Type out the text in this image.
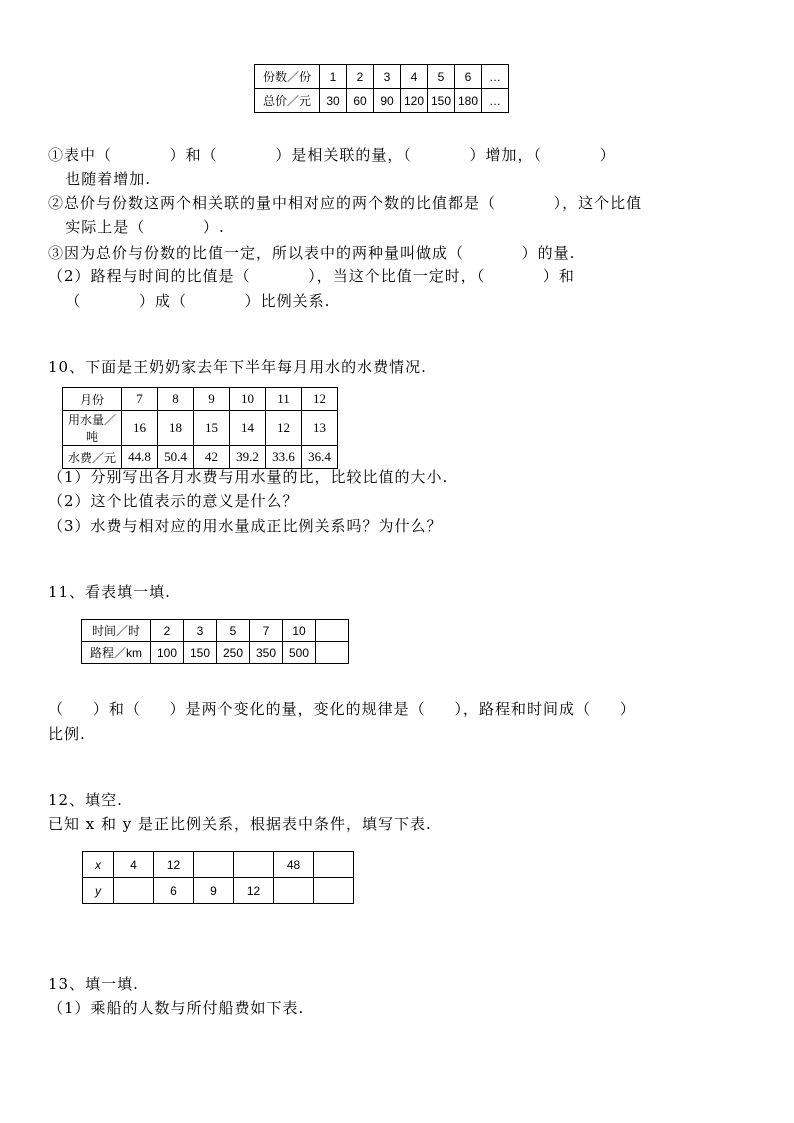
份数／份	1	2	3	4	5	6	…
总价／元	30	60	90	120	150	180	…
①表中（          ）和（          ）是相关联的量，（          ）增加，（          ）
也随着增加.
②总价与份数这两个相关联的量中相对应的两个数的比值都是（          ），这个比值
实际上是（          ）.
③因为总价与份数的比值一定，所以表中的两种量叫做成（          ）的量.
（2）路程与时间的比值是（          ），当这个比值一定时，（          ）和
（          ）成（          ）比例关系.
10、下面是王奶奶家去年下半年每月用水的水费情况.
月份	7	8	9	10	11	12
用水量／吨	16	18	15	14	12	13
水费／元	44.8	50.4	42	39.2	33.6	36.4
（1）分别写出各月水费与用水量的比，比较比值的大小.
（2）这个比值表示的意义是什么？
（3）水费与相对应的用水量成正比例关系吗？为什么？
11、看表填一填.
时间／时	2	3	5	7	10	
路程／km	100	150	250	350	500	
（     ）和（     ）是两个变化的量，变化的规律是（     ），路程和时间成（     ）
比例.
12、填空.
已知 x 和 y 是正比例关系，根据表中条件，填写下表.
x	4	12			48	
y		6	9	12		
13、填一填.
（1）乘船的人数与所付船费如下表.
